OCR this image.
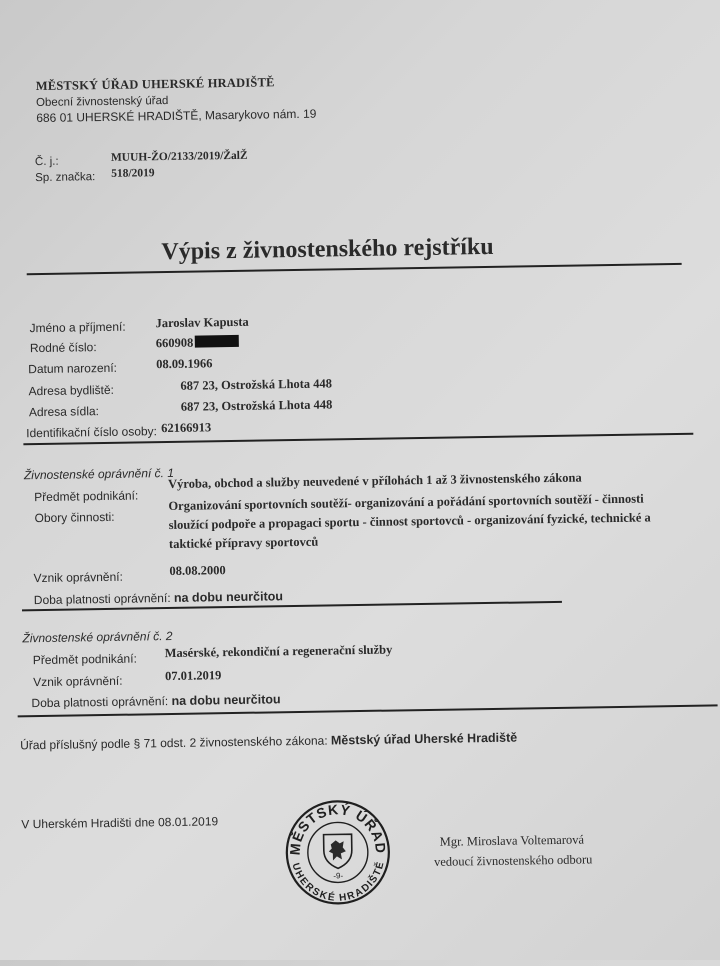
MĚSTSKÝ ÚŘAD UHERSKÉ HRADIŠTĚ
Obecní živnostenský úřad
686 01 UHERSKÉ HRADIŠTĚ, Masarykovo nám. 19
Č. j.:	MUUH-ŽO/2133/2019/ŽalŽ
Sp. značka: 518/2019
Výpis z živnostenského rejstříku
Jméno a příjmení: Jaroslav Kapusta
Rodné číslo:	660908
Datum narození:	08.09.1966
Adresa bydliště:	687 23, Ostrožská Lhota 448
Adresa sídla:	687 23, Ostrožská Lhota 448
Identifikační číslo osoby: 62166913
Živnostenské oprávnění č. 1
Předmět podnikání:
Výroba, obchod a služby neuvedené v přílohách 1 až 3 živnostenského zákona
Obory činnosti:
Organizování sportovních soutěží- organizování a pořádání sportovních soutěží - činnosti sloužící podpoře a propagaci sportu - činnost sportovců - organizování fyzické, technické a taktické přípravy sportovců
Vznik oprávnění:	08.08.2000
Doba platnosti oprávnění: na dobu neurčitou
Živnostenské oprávnění č. 2
Předmět podnikání: Masérské, rekondiční a regenerační služby
Vznik oprávnění:	07.01.2019
Doba platnosti oprávnění: na dobu neurčitou
Úřad příslušný podle § 71 odst. 2 živnostenského zákona: Městský úřad Uherské Hradiště
V Uherském Hradišti dne 08.01.2019
MĚSTSKÝ ÚŘAD
UHERSKÉ HRADIŠTĚ
-9-
Mgr. Miroslava Voltemarová
vedoucí živnostenského odboru
